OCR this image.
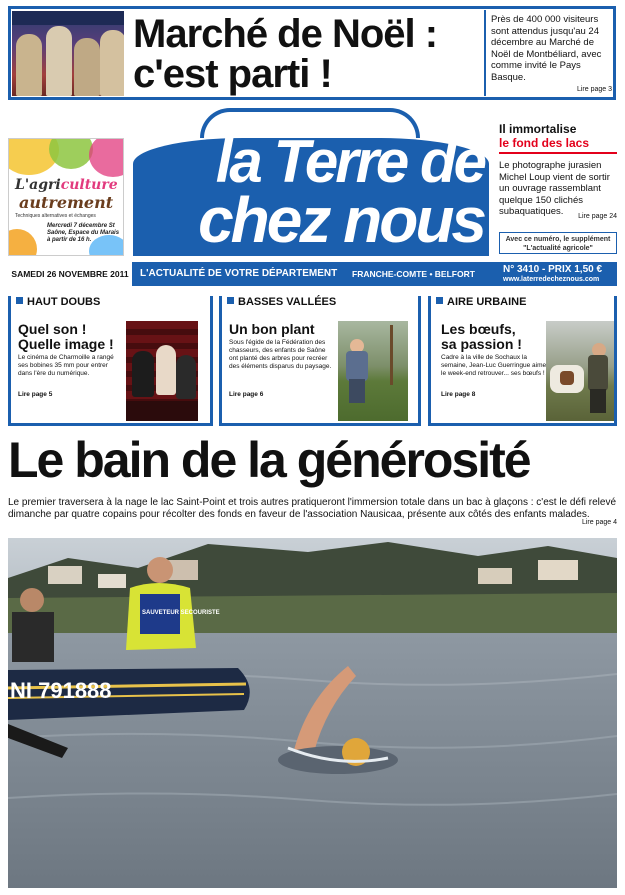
Marché de Noël :
c'est parti !
Près de 400 000 visiteurs sont attendus jusqu'au 24 décembre au Marché de Noël de Montbéliard, avec comme invité le Pays Basque.
Lire page 3
L'agriculture
autrement
Techniques alternatives et échanges
Mercredi 7 décembre St Saône, Espace du Marais à partir de 16 h.
la Terre de
chez nous
Il immortalise
le fond des lacs
Le photographe jurasien Michel Loup vient de sortir un ouvrage rassemblant quelque 150 clichés subaquatiques.	Lire page 24
Avec ce numéro, le supplément "L'actualité agricole"
SAMEDI 26 NOVEMBRE 2011	L'ACTUALITÉ DE VOTRE DÉPARTEMENT	FRANCHE-COMTE • BELFORT	N° 3410 - PRIX 1,50 €
www.laterredecheznous.com
HAUT DOUBS
Quel son !
Quelle image !
Le cinéma de Charmoille a rangé ses bobines 35 mm pour entrer dans l'ère du numérique.
Lire page 5
BASSES VALLÉES
Un bon plant
Sous l'égide de la Fédération des chasseurs, des enfants de Saône ont planté des arbres pour recréer des éléments disparus du paysage.
Lire page 6
AIRE URBAINE
Les bœufs,
sa passion !
Cadre à la ville de Sochaux la semaine, Jean-Luc Guerringue aime le week-end retrouver... ses bœufs !
Lire page 8
Le bain de la générosité
Le premier traversera à la nage le lac Saint-Point et trois autres pratiqueront l'immersion totale dans un bac à glaçons : c'est le défi relevé dimanche par quatre copains pour récolter des fonds en faveur de l'association Nausicaa, présente aux côtés des enfants malades.
Lire page 4
NI 791888
SAUVETEUR SECOURISTE
